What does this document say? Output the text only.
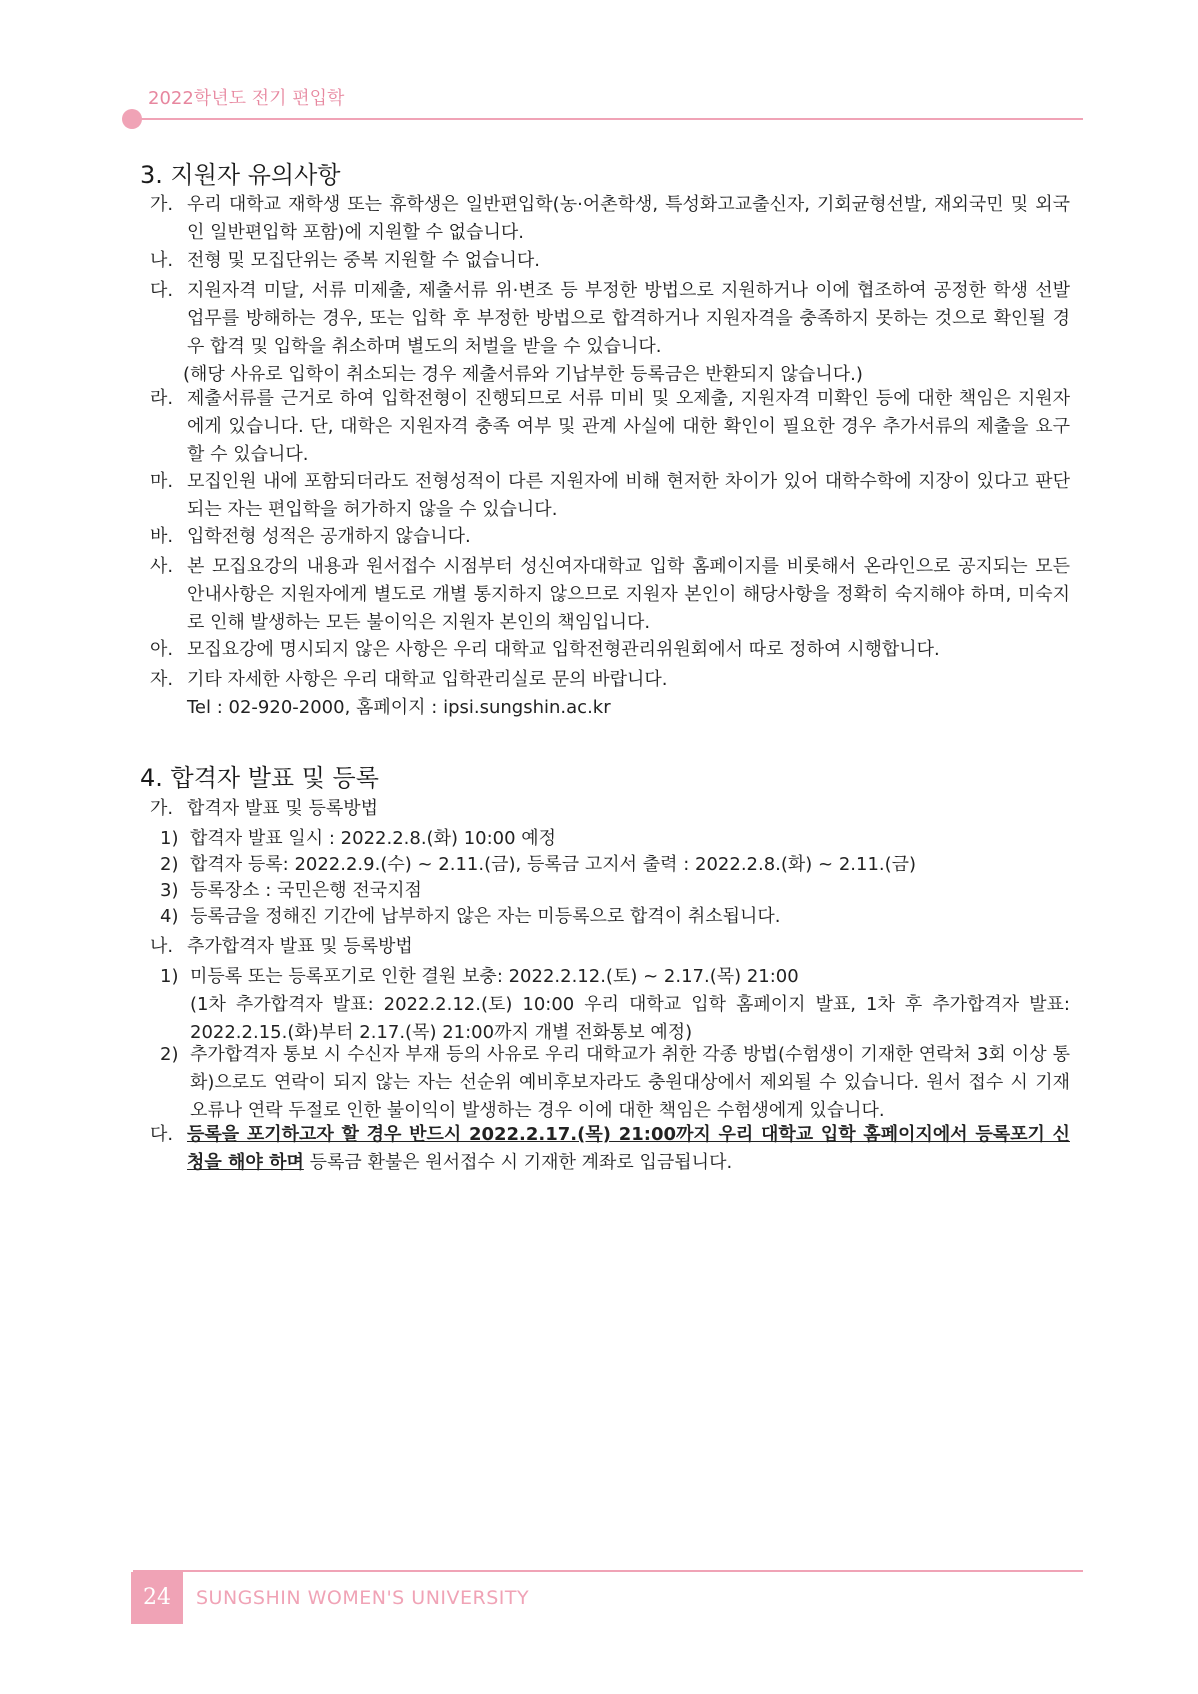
2022학년도 전기 편입학
3. 지원자 유의사항
가. 우리 대학교 재학생 또는 휴학생은 일반편입학(농·어촌학생, 특성화고교출신자, 기회균형선발, 재외국민 및 외국인 일반편입학 포함)에 지원할 수 없습니다.
나. 전형 및 모집단위는 중복 지원할 수 없습니다.
다. 지원자격 미달, 서류 미제출, 제출서류 위·변조 등 부정한 방법으로 지원하거나 이에 협조하여 공정한 학생 선발 업무를 방해하는 경우, 또는 입학 후 부정한 방법으로 합격하거나 지원자격을 충족하지 못하는 것으로 확인될 경우 합격 및 입학을 취소하며 별도의 처벌을 받을 수 있습니다.
(해당 사유로 입학이 취소되는 경우 제출서류와 기납부한 등록금은 반환되지 않습니다.)
라. 제출서류를 근거로 하여 입학전형이 진행되므로 서류 미비 및 오제출, 지원자격 미확인 등에 대한 책임은 지원자에게 있습니다. 단, 대학은 지원자격 충족 여부 및 관계 사실에 대한 확인이 필요한 경우 추가서류의 제출을 요구할 수 있습니다.
마. 모집인원 내에 포함되더라도 전형성적이 다른 지원자에 비해 현저한 차이가 있어 대학수학에 지장이 있다고 판단되는 자는 편입학을 허가하지 않을 수 있습니다.
바. 입학전형 성적은 공개하지 않습니다.
사. 본 모집요강의 내용과 원서접수 시점부터 성신여자대학교 입학 홈페이지를 비롯해서 온라인으로 공지되는 모든 안내사항은 지원자에게 별도로 개별 통지하지 않으므로 지원자 본인이 해당사항을 정확히 숙지해야 하며, 미숙지로 인해 발생하는 모든 불이익은 지원자 본인의 책임입니다.
아. 모집요강에 명시되지 않은 사항은 우리 대학교 입학전형관리위원회에서 따로 정하여 시행합니다.
자. 기타 자세한 사항은 우리 대학교 입학관리실로 문의 바랍니다.
Tel : 02-920-2000, 홈페이지 : ipsi.sungshin.ac.kr
4. 합격자 발표 및 등록
가. 합격자 발표 및 등록방법
1) 합격자 발표 일시 : 2022.2.8.(화) 10:00 예정
2) 합격자 등록: 2022.2.9.(수) ~ 2.11.(금), 등록금 고지서 출력 : 2022.2.8.(화) ~ 2.11.(금)
3) 등록장소 : 국민은행 전국지점
4) 등록금을 정해진 기간에 납부하지 않은 자는 미등록으로 합격이 취소됩니다.
나. 추가합격자 발표 및 등록방법
1) 미등록 또는 등록포기로 인한 결원 보충: 2022.2.12.(토) ~ 2.17.(목) 21:00
(1차 추가합격자 발표: 2022.2.12.(토) 10:00 우리 대학교 입학 홈페이지 발표, 1차 후 추가합격자 발표: 2022.2.15.(화)부터 2.17.(목) 21:00까지 개별 전화통보 예정)
2) 추가합격자 통보 시 수신자 부재 등의 사유로 우리 대학교가 취한 각종 방법(수험생이 기재한 연락처 3회 이상 통화)으로도 연락이 되지 않는 자는 선순위 예비후보자라도 충원대상에서 제외될 수 있습니다. 원서 접수 시 기재 오류나 연락 두절로 인한 불이익이 발생하는 경우 이에 대한 책임은 수험생에게 있습니다.
다. 등록을 포기하고자 할 경우 반드시 2022.2.17.(목) 21:00까지 우리 대학교 입학 홈페이지에서 등록포기 신청을 해야 하며 등록금 환불은 원서접수 시 기재한 계좌로 입금됩니다.
24	SUNGSHIN WOMEN'S UNIVERSITY
